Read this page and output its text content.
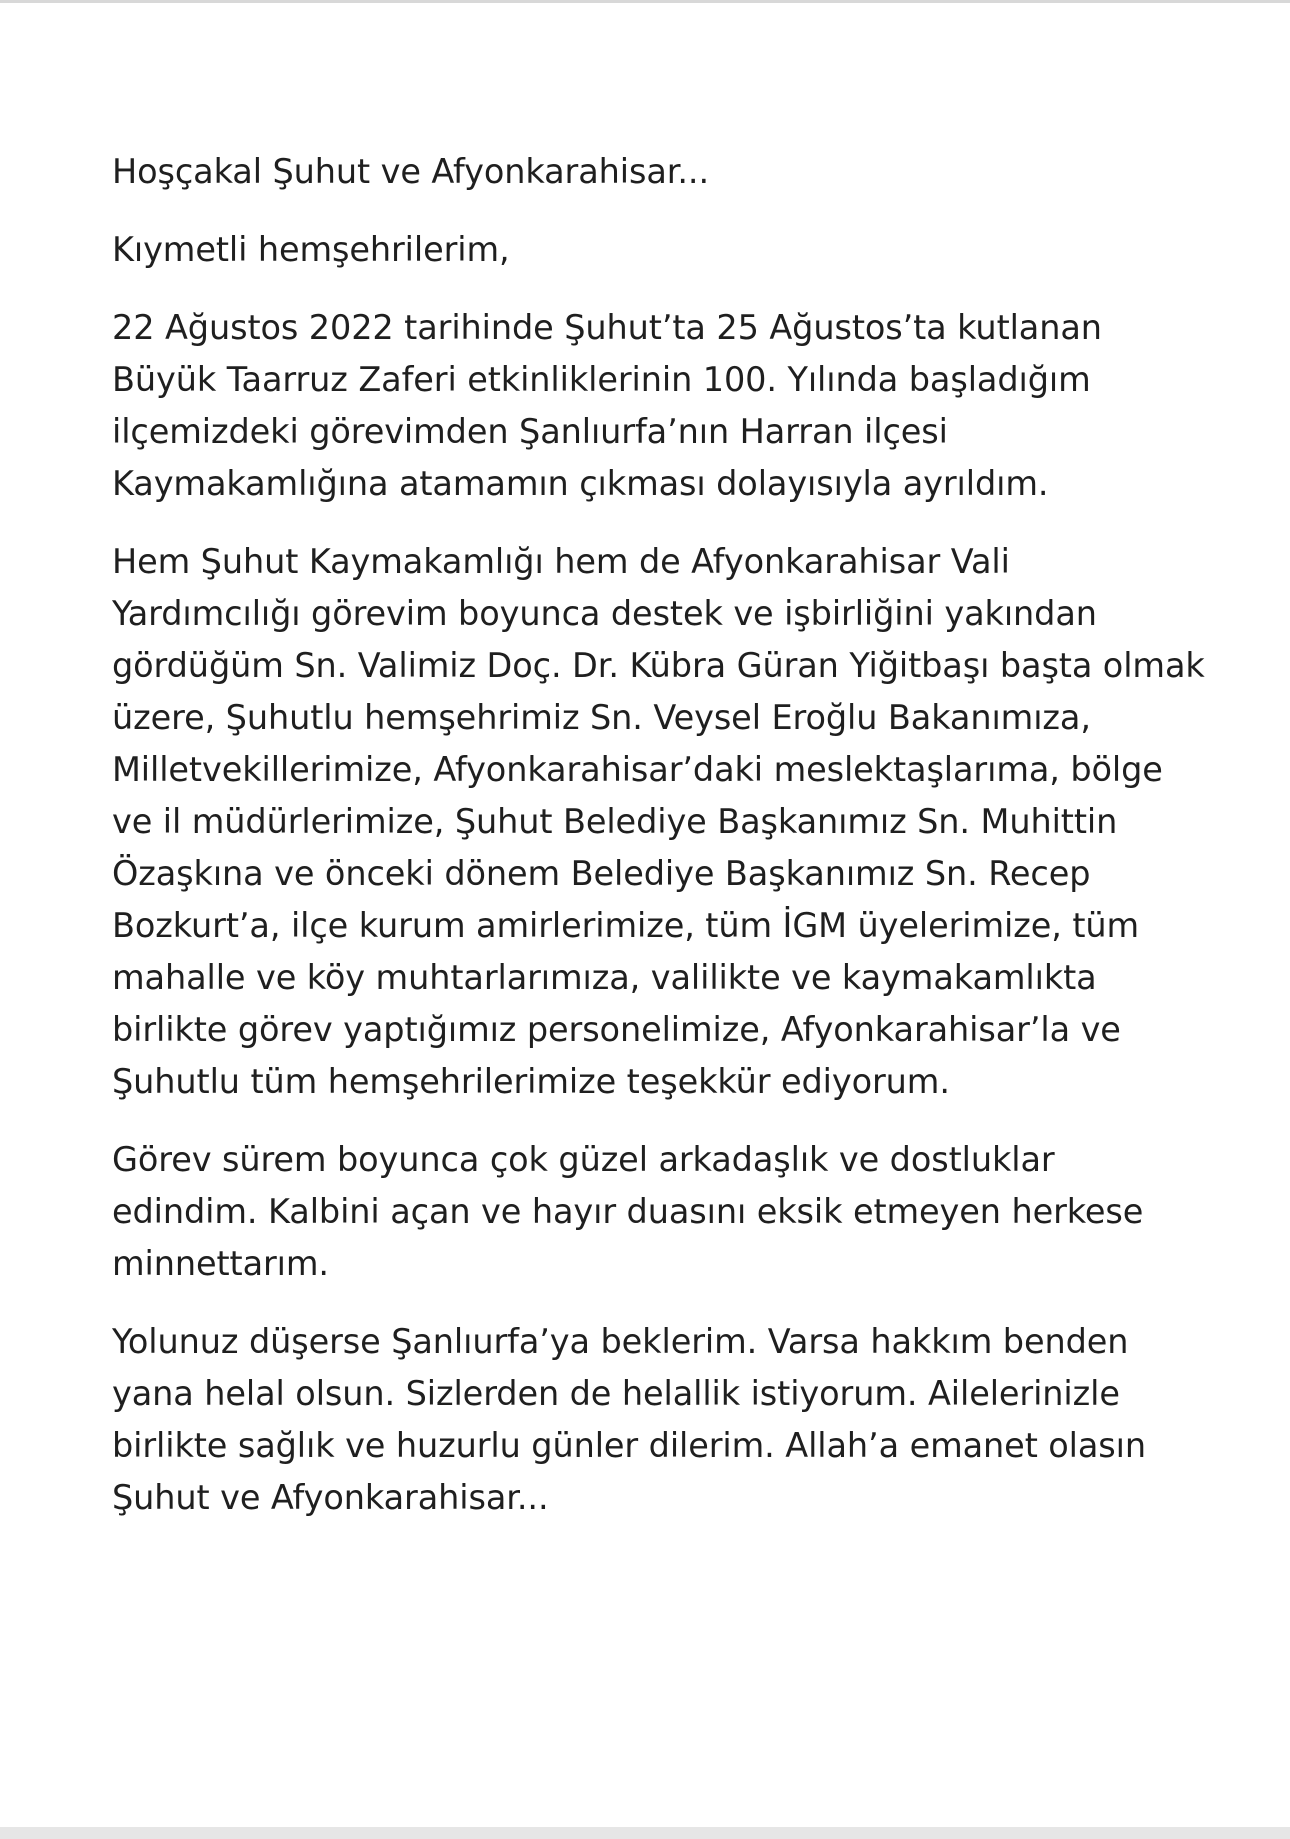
Hoşçakal Şuhut ve Afyonkarahisar...

Kıymetli hemşehrilerim,

22 Ağustos 2022 tarihinde Şuhut’ta 25 Ağustos’ta kutlanan
Büyük Taarruz Zaferi etkinliklerinin 100. Yılında başladığım
ilçemizdeki görevimden Şanlıurfa’nın Harran ilçesi
Kaymakamlığına atamamın çıkması dolayısıyla ayrıldım.

Hem Şuhut Kaymakamlığı hem de Afyonkarahisar Vali
Yardımcılığı görevim boyunca destek ve işbirliğini yakından
gördüğüm Sn. Valimiz Doç. Dr. Kübra Güran Yiğitbaşı başta olmak
üzere, Şuhutlu hemşehrimiz Sn. Veysel Eroğlu Bakanımıza,
Milletvekillerimize, Afyonkarahisar’daki meslektaşlarıma, bölge
ve il müdürlerimize, Şuhut Belediye Başkanımız Sn. Muhittin
Özaşkına ve önceki dönem Belediye Başkanımız Sn. Recep
Bozkurt’a, ilçe kurum amirlerimize, tüm İGM üyelerimize, tüm
mahalle ve köy muhtarlarımıza, valilikte ve kaymakamlıkta
birlikte görev yaptığımız personelimize, Afyonkarahisar’la ve
Şuhutlu tüm hemşehrilerimize teşekkür ediyorum.

Görev sürem boyunca çok güzel arkadaşlık ve dostluklar
edindim. Kalbini açan ve hayır duasını eksik etmeyen herkese
minnettarım.

Yolunuz düşerse Şanlıurfa’ya beklerim. Varsa hakkım benden
yana helal olsun. Sizlerden de helallik istiyorum. Ailelerinizle
birlikte sağlık ve huzurlu günler dilerim. Allah’a emanet olasın
Şuhut ve Afyonkarahisar...
